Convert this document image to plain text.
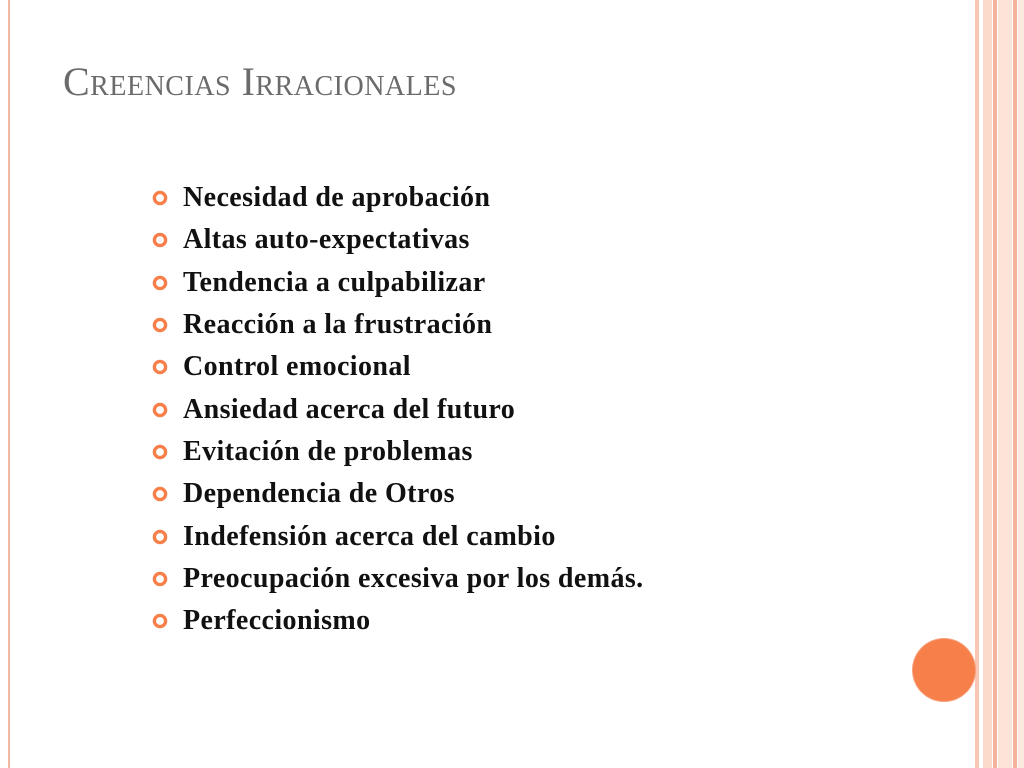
Creencias Irracionales
Necesidad de aprobación
Altas auto-expectativas
Tendencia a culpabilizar
Reacción a la frustración
Control emocional
Ansiedad acerca del futuro
Evitación de problemas
Dependencia de Otros
Indefensión acerca del cambio
Preocupación excesiva por los demás.
Perfeccionismo
